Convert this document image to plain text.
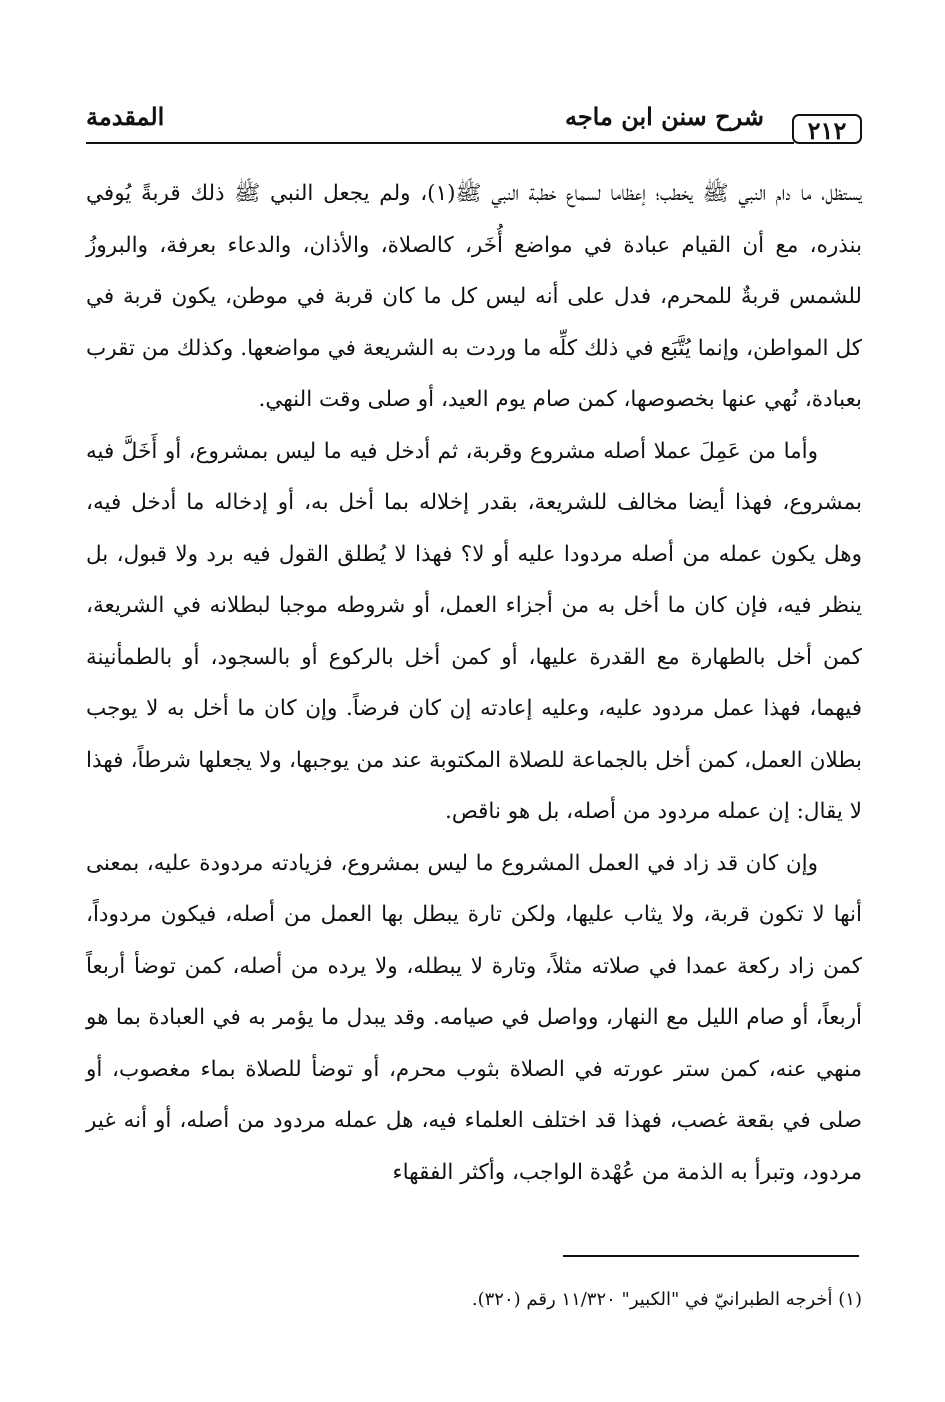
٢١٢
شرح سنن ابن ماجه
المقدمة

يستظل، ما دام النبي ﷺ يخطب؛ إعظاما لسماع خطبة النبي ﷺ(١)، ولم يجعل النبي ﷺ ذلك قربةً يُوفي بنذره، مع أن القيام عبادة في مواضع أُخَر، كالصلاة، والأذان، والدعاء بعرفة، والبروزُ للشمس قربةٌ للمحرم، فدل على أنه ليس كل ما كان قربة في موطن، يكون قربة في كل المواطن، وإنما يُتَّبَع في ذلك كلِّه ما وردت به الشريعة في مواضعها. وكذلك من تقرب بعبادة، نُهي عنها بخصوصها، كمن صام يوم العيد، أو صلى وقت النهي.

وأما من عَمِلَ عملا أصله مشروع وقربة، ثم أدخل فيه ما ليس بمشروع، أو أَخَلَّ فيه بمشروع، فهذا أيضا مخالف للشريعة، بقدر إخلاله بما أخل به، أو إدخاله ما أدخل فيه، وهل يكون عمله من أصله مردودا عليه أو لا؟ فهذا لا يُطلق القول فيه برد ولا قبول، بل ينظر فيه، فإن كان ما أخل به من أجزاء العمل، أو شروطه موجبا لبطلانه في الشريعة، كمن أخل بالطهارة مع القدرة عليها، أو كمن أخل بالركوع أو بالسجود، أو بالطمأنينة فيهما، فهذا عمل مردود عليه، وعليه إعادته إن كان فرضاً. وإن كان ما أخل به لا يوجب بطلان العمل، كمن أخل بالجماعة للصلاة المكتوبة عند من يوجبها، ولا يجعلها شرطاً، فهذا لا يقال: إن عمله مردود من أصله، بل هو ناقص.

وإن كان قد زاد في العمل المشروع ما ليس بمشروع، فزيادته مردودة عليه، بمعنى أنها لا تكون قربة، ولا يثاب عليها، ولكن تارة يبطل بها العمل من أصله، فيكون مردوداً، كمن زاد ركعة عمدا في صلاته مثلاً، وتارة لا يبطله، ولا يرده من أصله، كمن توضأ أربعاً أربعاً، أو صام الليل مع النهار، وواصل في صيامه. وقد يبدل ما يؤمر به في العبادة بما هو منهي عنه، كمن ستر عورته في الصلاة بثوب محرم، أو توضأ للصلاة بماء مغصوب، أو صلى في بقعة غصب، فهذا قد اختلف العلماء فيه، هل عمله مردود من أصله، أو أنه غير مردود، وتبرأ به الذمة من عُهْدة الواجب، وأكثر الفقهاء

(١) أخرجه الطبرانيّ في "الكبير" ١١/٣٢٠ رقم (٣٢٠).
